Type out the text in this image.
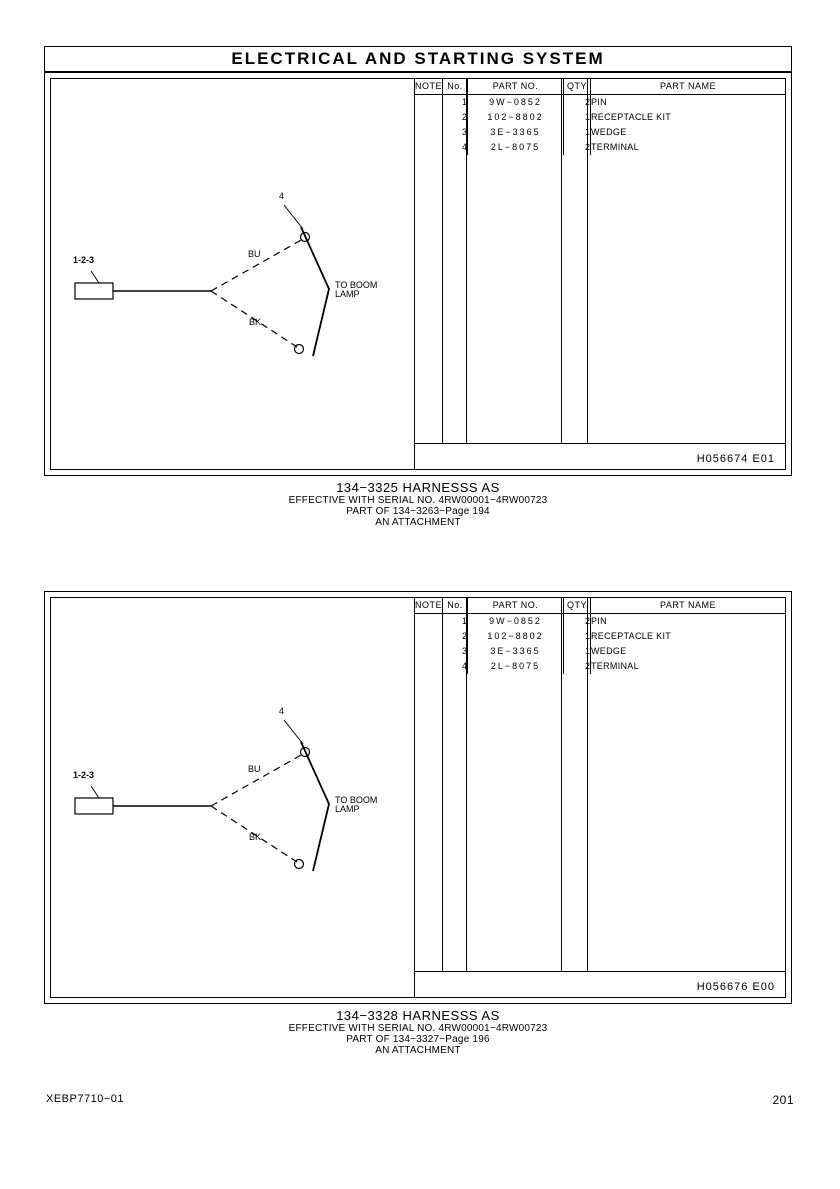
ELECTRICAL AND STARTING SYSTEM
1-2-3
4
BU
BK
TO BOOM
LAMP
NOTE	No.	PART NO.	QTY	PART NAME
	1	9W−0852	2	PIN
	2	102−8802	1	RECEPTACLE KIT
	3	3E−3365	1	WEDGE
	4	2L−8075	2	TERMINAL
H056674 E01
134−3325 HARNESSS AS
EFFECTIVE WITH SERIAL NO. 4RW00001−4RW00723
PART OF 134−3263−Page 194
AN ATTACHMENT
1-2-3
4
BU
BK
TO BOOM
LAMP
NOTE	No.	PART NO.	QTY	PART NAME
	1	9W−0852	2	PIN
	2	102−8802	1	RECEPTACLE KIT
	3	3E−3365	1	WEDGE
	4	2L−8075	2	TERMINAL
H056676 E00
134−3328 HARNESSS AS
EFFECTIVE WITH SERIAL NO. 4RW00001−4RW00723
PART OF 134−3327−Page 196
AN ATTACHMENT
XEBP7710−01	201
